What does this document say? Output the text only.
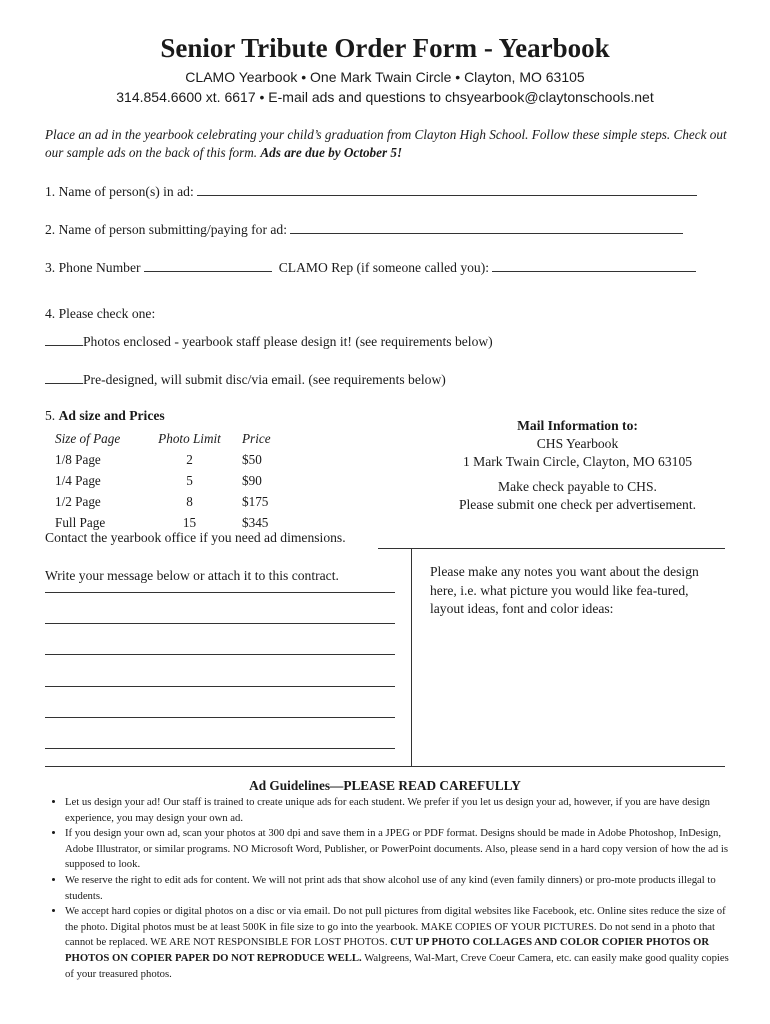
Senior Tribute Order Form - Yearbook
CLAMO Yearbook • One Mark Twain Circle • Clayton, MO 63105
314.854.6600 xt. 6617 • E-mail ads and questions to chsyearbook@claytonschools.net
Place an ad in the yearbook celebrating your child’s graduation from Clayton High School. Follow these simple steps. Check out our sample ads on the back of this form. Ads are due by October 5!
1. Name of person(s) in ad:
2. Name of person submitting/paying for ad:
3. Phone Number	CLAMO Rep (if someone called you):
4. Please check one:
Photos enclosed - yearbook staff please design it! (see requirements below)
Pre-designed, will submit disc/via email. (see requirements below)
5. Ad size and Prices
Size of Page	Photo Limit	Price
1/8 Page	2	$50
1/4 Page	5	$90
1/2 Page	8	$175
Full Page	15	$345
Contact the yearbook office if you need ad dimensions.
Mail Information to:
CHS Yearbook
1 Mark Twain Circle, Clayton, MO 63105
Make check payable to CHS.
Please submit one check per advertisement.
Write your message below or attach it to this contract.	Please make any notes you want about the design here, i.e. what picture you would like fea-tured, layout ideas, font and color ideas:
Ad Guidelines—PLEASE READ CAREFULLY
• Let us design your ad! Our staff is trained to create unique ads for each student. We prefer if you let us design your ad, however, if you are have design experience, you may design your own ad.
• If you design your own ad, scan your photos at 300 dpi and save them in a JPEG or PDF format. Designs should be made in Adobe Photoshop, InDesign, Adobe Illustrator, or similar programs. NO Microsoft Word, Publisher, or PowerPoint documents. Also, please send in a hard copy version of how the ad is supposed to look.
• We reserve the right to edit ads for content. We will not print ads that show alcohol use of any kind (even family dinners) or pro-mote products illegal to students.
• We accept hard copies or digital photos on a disc or via email. Do not pull pictures from digital websites like Facebook, etc. Online sites reduce the size of the photo. Digital photos must be at least 500K in file size to go into the yearbook. MAKE COPIES OF YOUR PICTURES. Do not send in a photo that cannot be replaced. WE ARE NOT RESPONSIBLE FOR LOST PHOTOS. CUT UP PHOTO COLLAGES AND COLOR COPIER PHOTOS OR PHOTOS ON COPIER PAPER DO NOT REPRODUCE WELL. Walgreens, Wal-Mart, Creve Coeur Camera, etc. can easily make good quality copies of your treasured photos.
